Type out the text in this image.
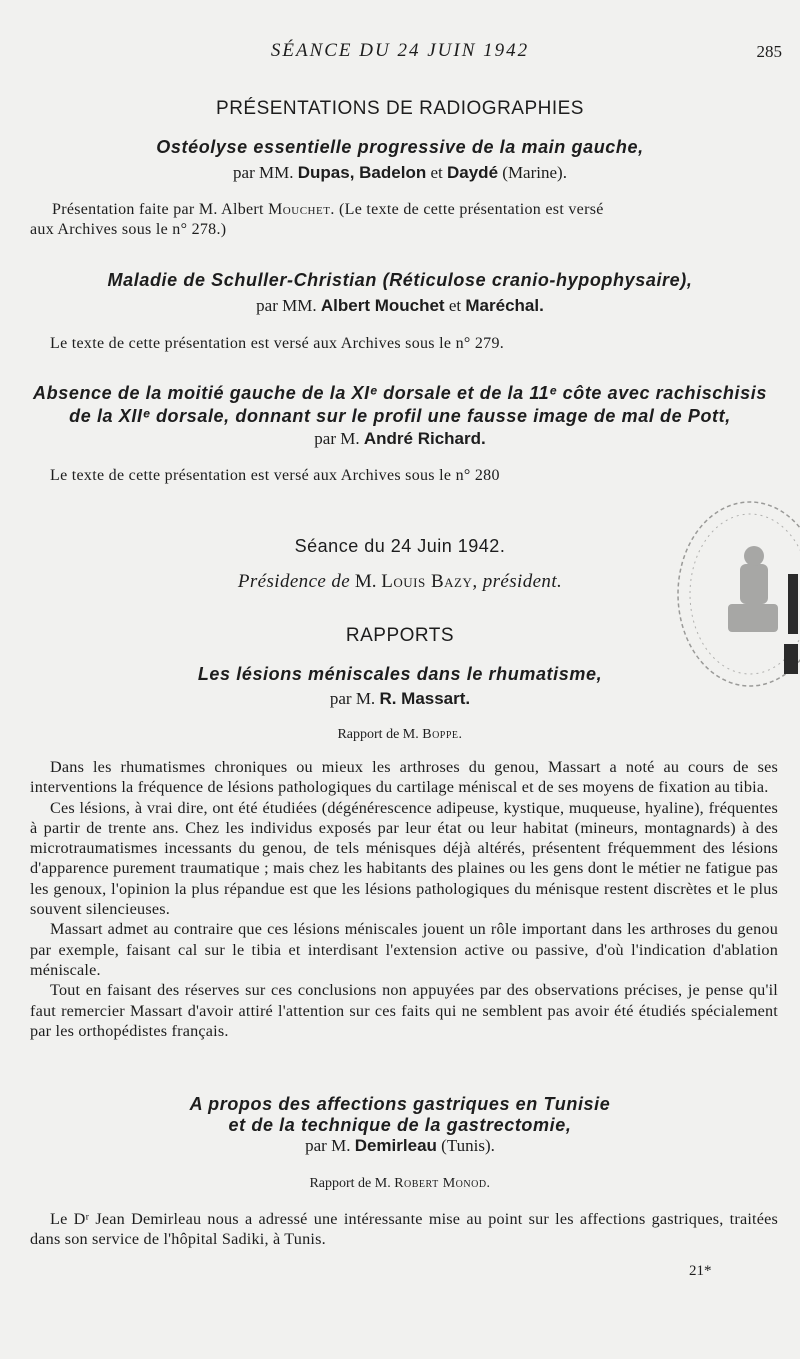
SÉANCE DU 24 JUIN 1942	285
PRÉSENTATIONS DE RADIOGRAPHIES
Ostéolyse essentielle progressive de la main gauche,
par MM. Dupas, Badelon et Daydé (Marine).
Présentation faite par M. Albert Mouchet. (Le texte de cette présentation est versé
aux Archives sous le n° 278.)
Maladie de Schuller-Christian (Réticulose cranio-hypophysaire),
par MM. Albert Mouchet et Maréchal.
Le texte de cette présentation est versé aux Archives sous le n° 279.
Absence de la moitié gauche de la XIᵉ dorsale et de la 11ᵉ côte avec rachischisis
de la XIIᵉ dorsale, donnant sur le profil une fausse image de mal de Pott,
par M. André Richard.
Le texte de cette présentation est versé aux Archives sous le n° 280
Séance du 24 Juin 1942.
Présidence de M. Louis Bazy, président.
RAPPORTS
Les lésions méniscales dans le rhumatisme,
par M. R. Massart.
Rapport de M. Boppe.

Dans les rhumatismes chroniques ou mieux les arthroses du genou, Massart a noté au cours de ses interventions la fréquence de lésions pathologiques du cartilage méniscal et de ses moyens de fixation au tibia.

Ces lésions, à vrai dire, ont été étudiées (dégénérescence adipeuse, kystique, muqueuse, hyaline), fréquentes à partir de trente ans. Chez les individus exposés par leur état ou leur habitat (mineurs, montagnards) à des microtraumatismes incessants du genou, de tels ménisques déjà altérés, présentent fréquemment des lésions d'apparence purement traumatique ; mais chez les habitants des plaines ou les gens dont le métier ne fatigue pas les genoux, l'opinion la plus répandue est que les lésions pathologiques du ménisque restent discrètes et le plus souvent silencieuses.

Massart admet au contraire que ces lésions méniscales jouent un rôle important dans les arthroses du genou par exemple, faisant cal sur le tibia et interdisant l'extension active ou passive, d'où l'indication d'ablation méniscale.

Tout en faisant des réserves sur ces conclusions non appuyées par des observations précises, je pense qu'il faut remercier Massart d'avoir attiré l'attention sur ces faits qui ne semblent pas avoir été étudiés spécialement par les orthopédistes français.

A propos des affections gastriques en Tunisie
et de la technique de la gastrectomie,
par M. Demirleau (Tunis).
Rapport de M. Robert Monod.

Le Dʳ Jean Demirleau nous a adressé une intéressante mise au point sur les affections gastriques, traitées dans son service de l'hôpital Sadiki, à Tunis.

21*
